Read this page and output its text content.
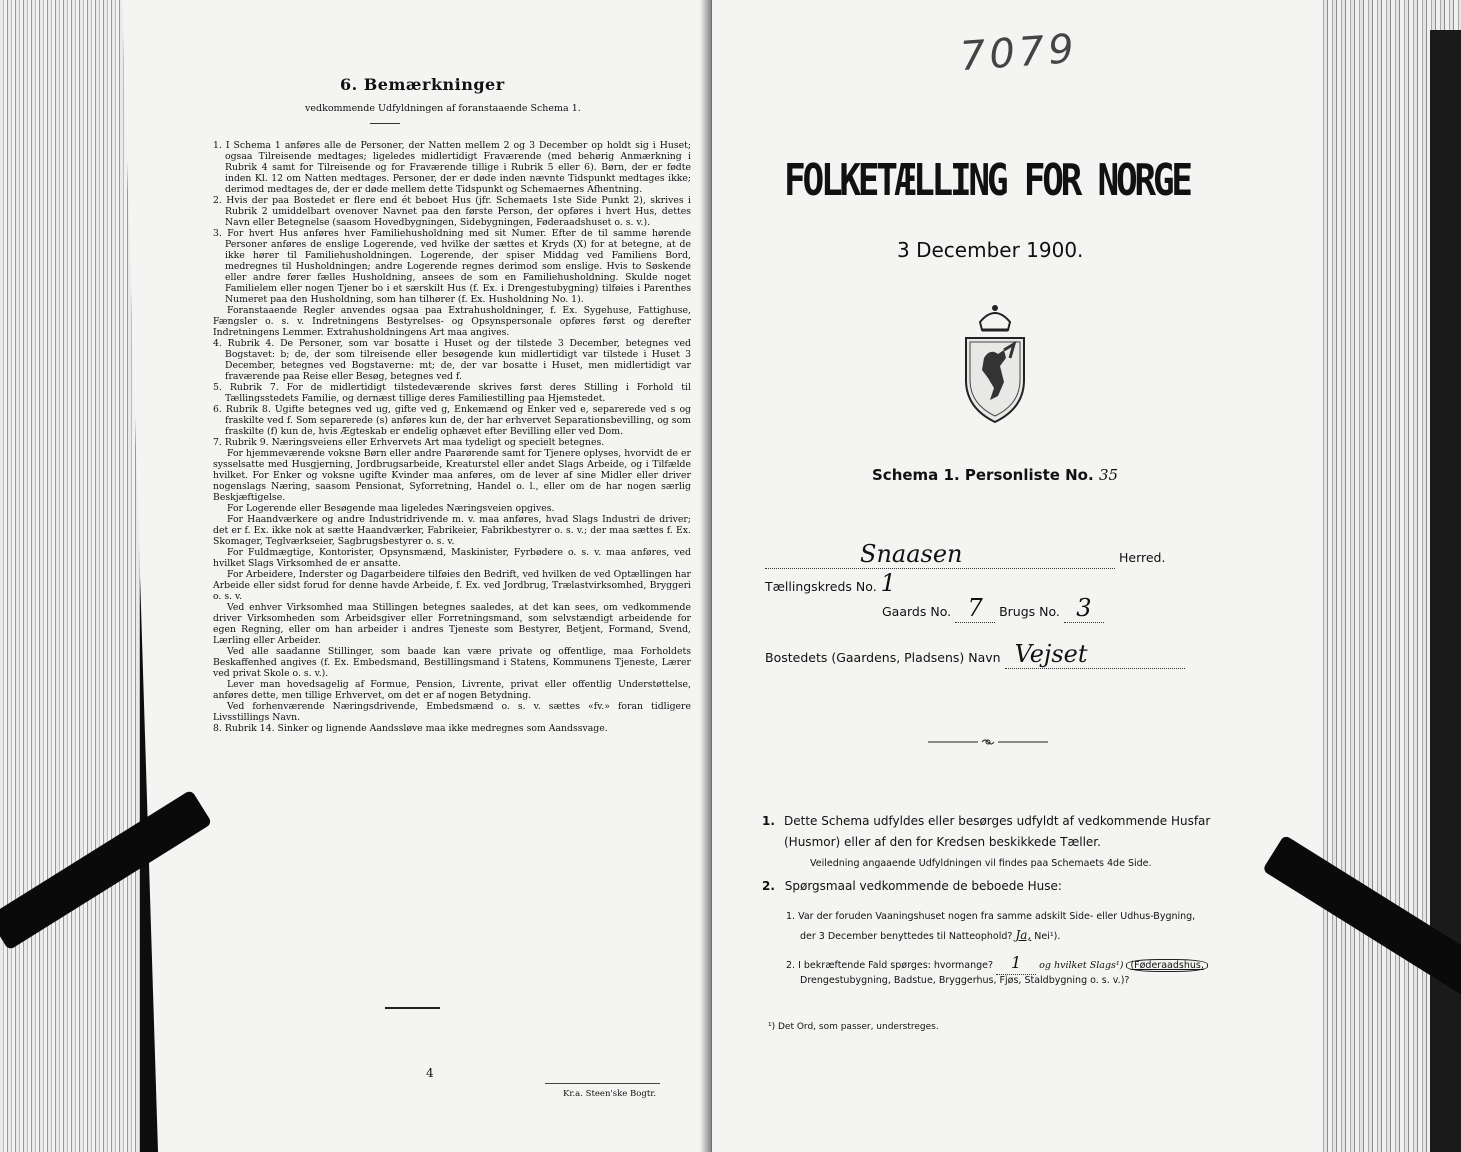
6. Bemærkninger
vedkommende Udfyldningen af foranstaaende Schema 1.

1. I Schema 1 anføres alle de Personer, der Natten mellem 2 og 3 December op holdt sig i Huset; ogsaa Tilreisende medtages; ligeledes midlertidigt Fraværende (med behørig Anmærkning i Rubrik 4 samt for Tilreisende og for Fraværende tillige i Rubrik 5 eller 6). Børn, der er fødte inden Kl. 12 om Natten medtages. Personer, der er døde inden nævnte Tidspunkt medtages ikke; derimod medtages de, der er døde mellem dette Tidspunkt og Schemaernes Afhentning.

2. Hvis der paa Bostedet er flere end ét beboet Hus (jfr. Schemaets 1ste Side Punkt 2), skrives i Rubrik 2 umiddelbart ovenover Navnet paa den første Person, der opføres i hvert Hus, dettes Navn eller Betegnelse (saasom Hovedbygningen, Sidebygningen, Føderaadshuset o. s. v.).

3. For hvert Hus anføres hver Familiehusholdning med sit Numer. Efter de til samme hørende Personer anføres de enslige Logerende, ved hvilke der sættes et Kryds (X) for at betegne, at de ikke hører til Familiehusholdningen. Logerende, der spiser Middag ved Familiens Bord, medregnes til Husholdningen; andre Logerende regnes derimod som enslige. Hvis to Søskende eller andre fører fælles Husholdning, ansees de som en Familiehusholdning. Skulde noget Familielem eller nogen Tjener bo i et særskilt Hus (f. Ex. i Drengestubygning) tilføies i Parenthes Numeret paa den Husholdning, som han tilhører (f. Ex. Husholdning No. 1).

Foranstaaende Regler anvendes ogsaa paa Extrahusholdninger, f. Ex. Sygehuse, Fattighuse, Fængsler o. s. v. Indretningens Bestyrelses- og Opsynspersonale opføres først og derefter Indretningens Lemmer. Extrahusholdningens Art maa angives.

4. Rubrik 4. De Personer, som var bosatte i Huset og der tilstede 3 December, betegnes ved Bogstavet: b; de, der som tilreisende eller besøgende kun midlertidigt var tilstede i Huset 3 December, betegnes ved Bogstaverne: mt; de, der var bosatte i Huset, men midlertidigt var fraværende paa Reise eller Besøg, betegnes ved f.

5. Rubrik 7. For de midlertidigt tilstedeværende skrives først deres Stilling i Forhold til Tællingsstedets Familie, og dernæst tillige deres Familiestilling paa Hjemstedet.

6. Rubrik 8. Ugifte betegnes ved ug, gifte ved g, Enkemænd og Enker ved e, separerede ved s og fraskilte ved f. Som separerede (s) anføres kun de, der har erhvervet Separationsbevilling, og som fraskilte (f) kun de, hvis Ægteskab er endelig ophævet efter Bevilling eller ved Dom.

7. Rubrik 9. Næringsveiens eller Erhvervets Art maa tydeligt og specielt betegnes.

For hjemmeværende voksne Børn eller andre Paarørende samt for Tjenere oplyses, hvorvidt de er sysselsatte med Husgjerning, Jordbrugsarbeide, Kreaturstel eller andet Slags Arbeide, og i Tilfælde hvilket. For Enker og voksne ugifte Kvinder maa anføres, om de lever af sine Midler eller driver nogenslags Næring, saasom Pensionat, Syforretning, Handel o. l., eller om de har nogen særlig Beskjæftigelse.

For Logerende eller Besøgende maa ligeledes Næringsveien opgives.

For Haandværkere og andre Industridrivende m. v. maa anføres, hvad Slags Industri de driver; det er f. Ex. ikke nok at sætte Haandværker, Fabrikeier, Fabrikbestyrer o. s. v.; der maa sættes f. Ex. Skomager, Teglværkseier, Sagbrugsbestyrer o. s. v.

For Fuldmægtige, Kontorister, Opsynsmænd, Maskinister, Fyrbødere o. s. v. maa anføres, ved hvilket Slags Virksomhed de er ansatte.

For Arbeidere, Inderster og Dagarbeidere tilføies den Bedrift, ved hvilken de ved Optællingen har Arbeide eller sidst forud for denne havde Arbeide, f. Ex. ved Jordbrug, Trælastvirksomhed, Bryggeri o. s. v.

Ved enhver Virksomhed maa Stillingen betegnes saaledes, at det kan sees, om vedkommende driver Virksomheden som Arbeidsgiver eller Forretningsmand, som selvstændigt arbeidende for egen Regning, eller om han arbeider i andres Tjeneste som Bestyrer, Betjent, Formand, Svend, Lærling eller Arbeider.

Ved alle saadanne Stillinger, som baade kan være private og offentlige, maa Forholdets Beskaffenhed angives (f. Ex. Embedsmand, Bestillingsmand i Statens, Kommunens Tjeneste, Lærer ved privat Skole o. s. v.).

Lever man hovedsagelig af Formue, Pension, Livrente, privat eller offentlig Understøttelse, anføres dette, men tillige Erhvervet, om det er af nogen Betydning.

Ved forhenværende Næringsdrivende, Embedsmænd o. s. v. sættes «fv.» foran tidligere Livsstillings Navn.

8. Rubrik 14. Sinker og lignende Aandssløve maa ikke medregnes som Aandssvage.

4
Kr.a. Steen'ske Bogtr.
7079
FOLKETÆLLING FOR NORGE
3 December 1900.
Schema 1. Personliste No. 35
Snaasen	Herred. Tællingskreds No. 1
Gaards No. 7 Brugs No. 3
Bostedets (Gaardens, Pladsens) Navn Vejset
1. Dette Schema udfyldes eller besørges udfyldt af vedkommende Husfar (Husmor) eller af den for Kredsen beskikkede Tæller.
Veiledning angaaende Udfyldningen vil findes paa Schemaets 4de Side.
2. Spørgsmaal vedkommende de beboede Huse:
1. Var der foruden Vaaningshuset nogen fra samme adskilt Side- eller Udhus-Bygning,
der 3 December benyttedes til Natteophold? Ja, Nei¹).
2. I bekræftende Fald spørges: hvormange? 1 og hvilket Slags¹) (Føderaadshus,
Drengestubygning, Badstue, Bryggerhus, Fjøs, Staldbygning o. s. v.)?
¹) Det Ord, som passer, understreges.
